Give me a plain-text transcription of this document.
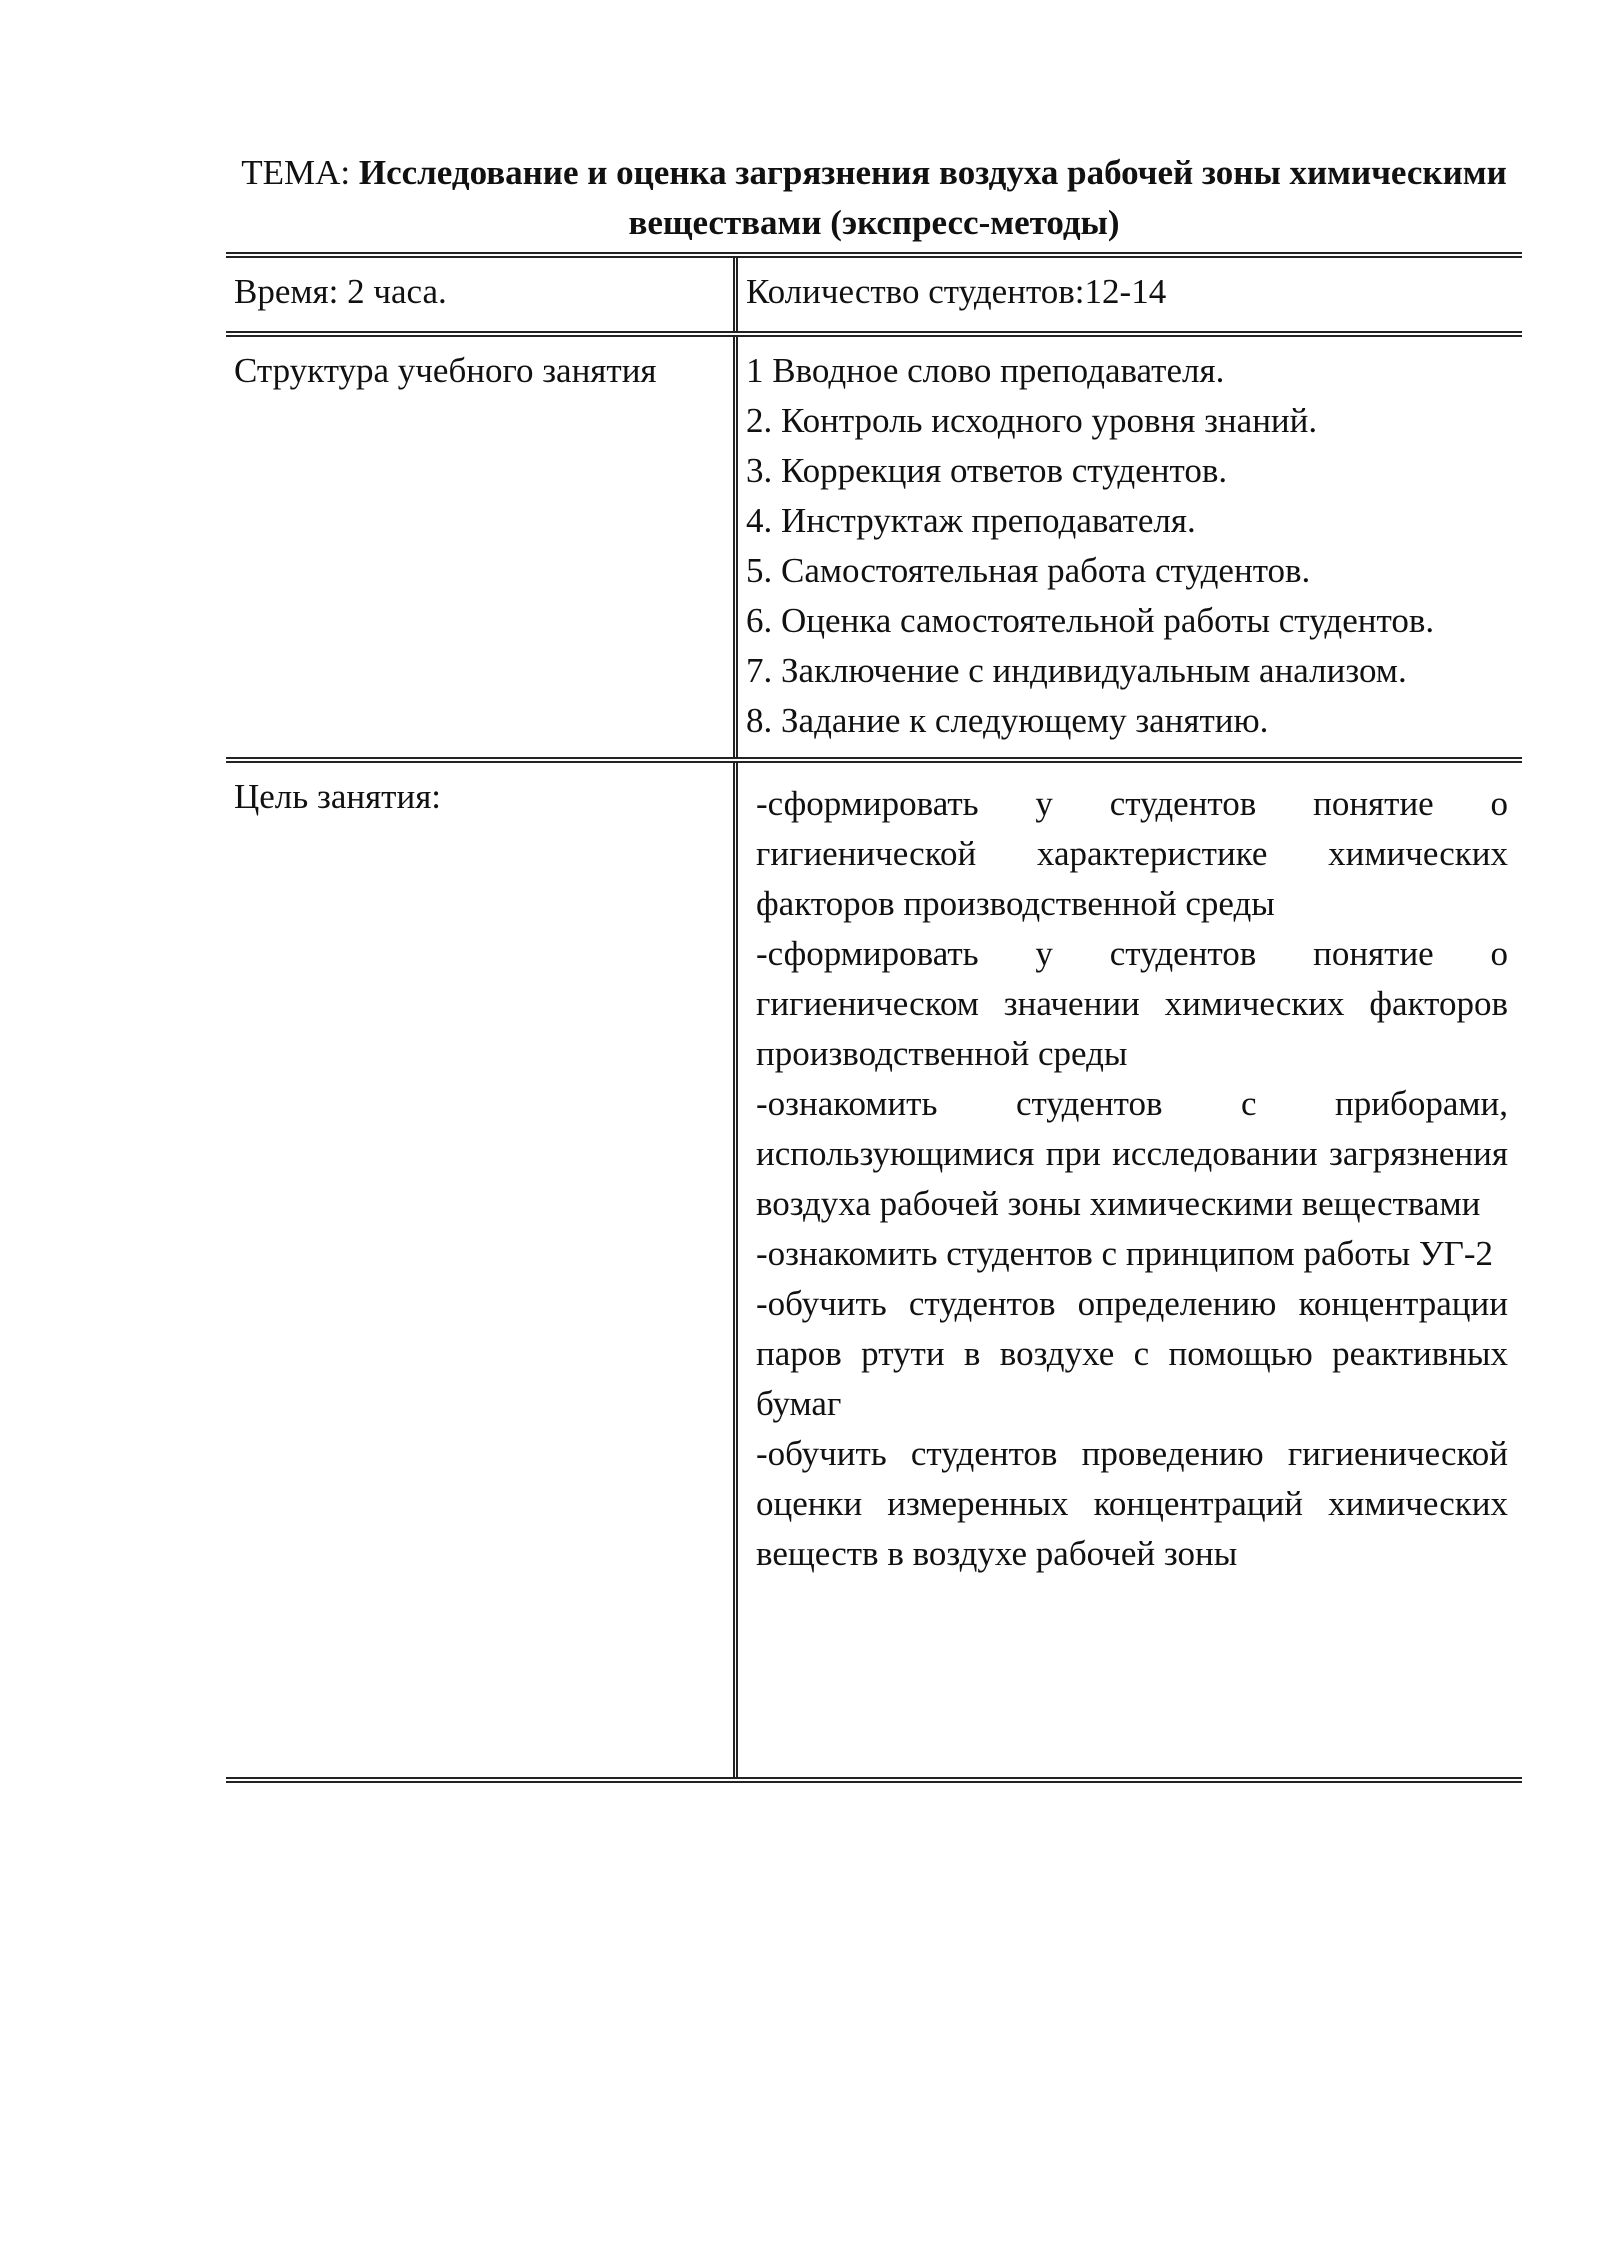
ТЕМА: Исследование и оценка загрязнения воздуха рабочей зоны химическими веществами (экспресс-методы)
Время: 2 часа.	Количество студентов:12-14
Структура учебного занятия	1 Вводное слово преподавателя.
2. Контроль исходного уровня знаний.
3. Коррекция ответов студентов.
4. Инструктаж преподавателя.
5. Самостоятельная работа студентов.
6. Оценка самостоятельной работы студентов.
7. Заключение с индивидуальным анализом.
8. Задание к следующему занятию.
Цель занятия:	-сформировать у студентов понятие о гигиенической характеристике химических факторов производственной среды

-сформировать у студентов понятие о гигиеническом значении химических факторов производственной среды

-ознакомить студентов с приборами, использующимися при исследовании загрязнения воздуха рабочей зоны химическими веществами

-ознакомить студентов с принципом работы УГ-2

-обучить студентов определению концентрации паров ртути в воздухе с помощью реактивных бумаг

-обучить студентов проведению гигиенической оценки измеренных концентраций химических веществ в воздухе рабочей зоны
